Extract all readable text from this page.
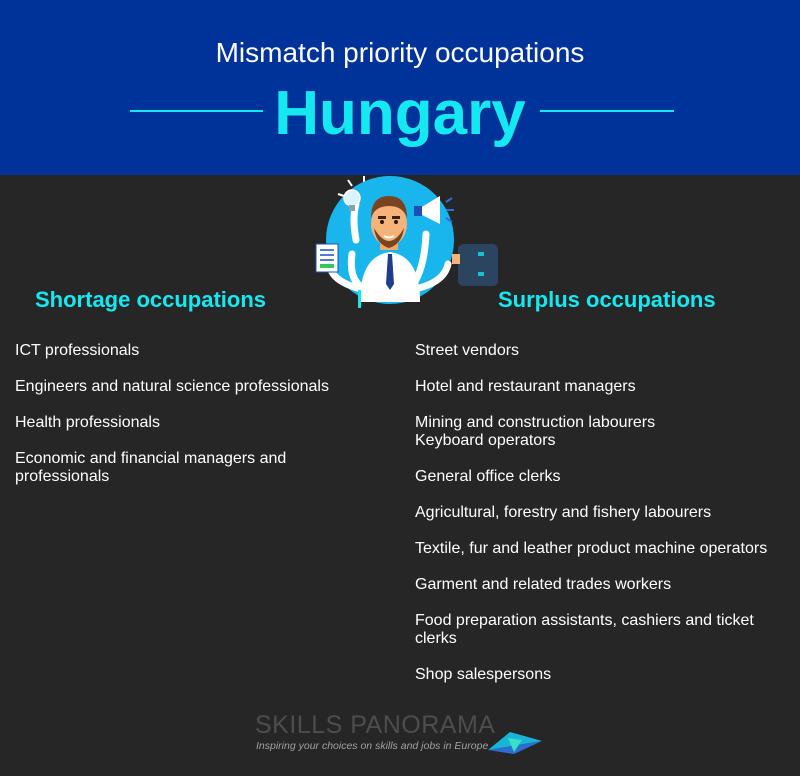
Mismatch priority occupations
Hungary
Shortage occupations	Surplus occupations
ICT professionals
Engineers and natural science professionals
Health professionals
Economic and financial managers and professionals
Street vendors
Hotel and restaurant managers
Mining and construction labourers
Keyboard operators
General office clerks
Agricultural, forestry and fishery labourers
Textile, fur and leather product machine operators
Garment and related trades workers
Food preparation assistants, cashiers and ticket clerks
Shop salespersons
SKILLS PANORAMA
Inspiring your choices on skills and jobs in Europe
